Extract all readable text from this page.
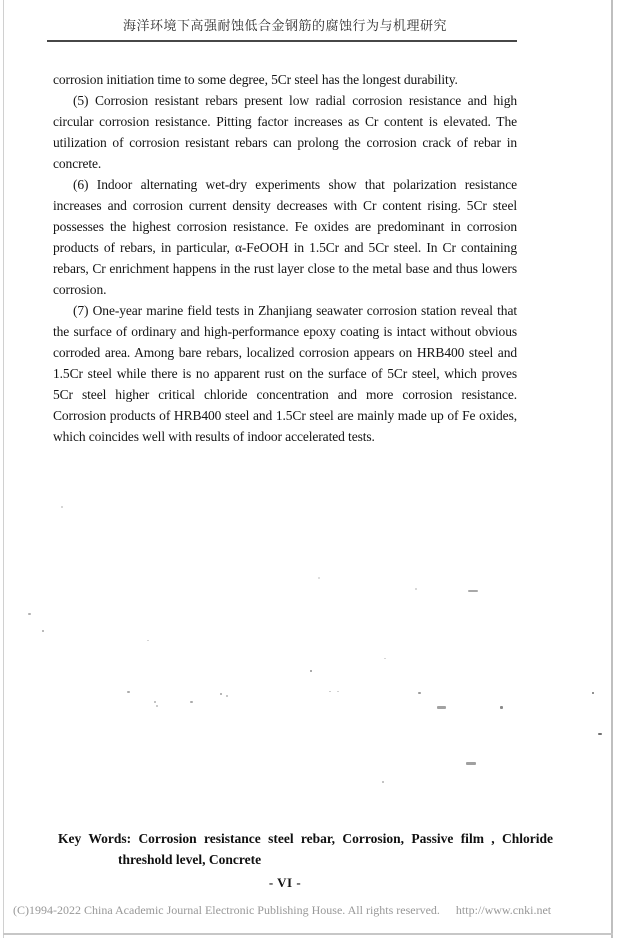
海洋环境下高强耐蚀低合金钢筋的腐蚀行为与机理研究

corrosion initiation time to some degree, 5Cr steel has the longest durability.

(5) Corrosion resistant rebars present low radial corrosion resistance and high circular corrosion resistance. Pitting factor increases as Cr content is elevated. The utilization of corrosion resistant rebars can prolong the corrosion crack of rebar in concrete.

(6) Indoor alternating wet-dry experiments show that polarization resistance increases and corrosion current density decreases with Cr content rising. 5Cr steel possesses the highest corrosion resistance. Fe oxides are predominant in corrosion products of rebars, in particular, α-FeOOH in 1.5Cr and 5Cr steel. In Cr containing rebars, Cr enrichment happens in the rust layer close to the metal base and thus lowers corrosion.

(7) One-year marine field tests in Zhanjiang seawater corrosion station reveal that the surface of ordinary and high-performance epoxy coating is intact without obvious corroded area. Among bare rebars, localized corrosion appears on HRB400 steel and 1.5Cr steel while there is no apparent rust on the surface of 5Cr steel, which proves 5Cr steel higher critical chloride concentration and more corrosion resistance. Corrosion products of HRB400 steel and 1.5Cr steel are mainly made up of Fe oxides, which coincides well with results of indoor accelerated tests.

Key Words: Corrosion resistance steel rebar, Corrosion, Passive film , Chloride
threshold level, Concrete
- VI -
(C)1994-2022 China Academic Journal Electronic Publishing House. All rights reserved. http://www.cnki.net
